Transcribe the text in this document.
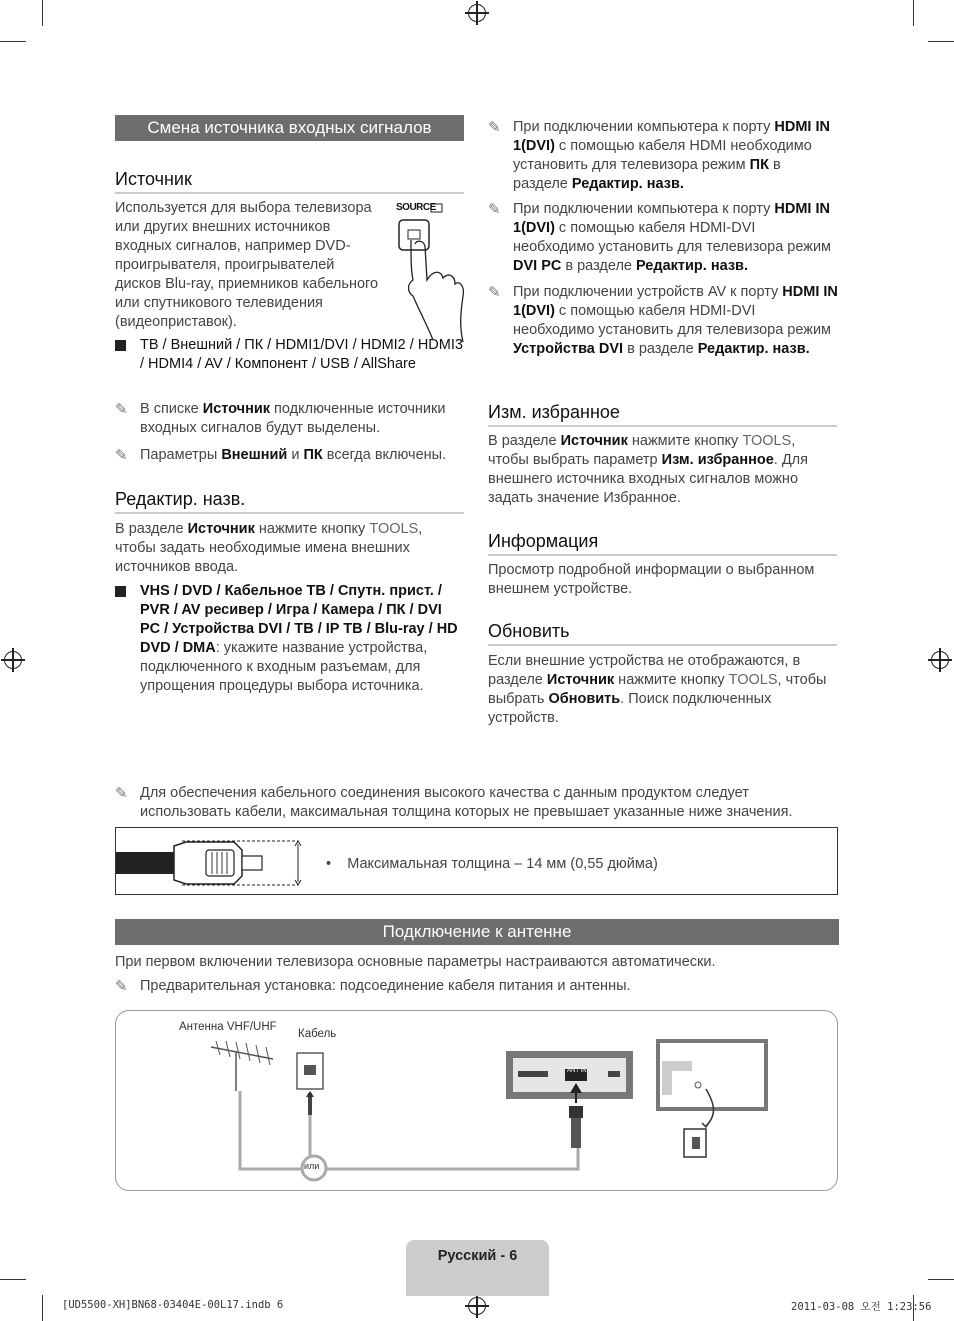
Смена источника входных сигналов
Источник
Используется для выбора телевизора или других внешних источников входных сигналов, например DVD-проигрывателя, проигрывателей дисков Blu-ray, приемников кабельного или спутникового телевидения (видеоприставок).
SOURCE
ТВ / Внешний / ПК / HDMI1/DVI / HDMI2 / HDMI3 / HDMI4 / AV / Компонент / USB / AllShare
✎ В списке Источник подключенные источники входных сигналов будут выделены.
✎ Параметры Внешний и ПК всегда включены.
Редактир. назв.
В разделе Источник нажмите кнопку TOOLS, чтобы задать необходимые имена внешних источников ввода.
VHS / DVD / Кабельное ТВ / Спутн. прист. / PVR / AV ресивер / Игра / Камера / ПК / DVI PC / Устройства DVI / ТВ / IP ТВ / Blu-ray / HD DVD / DMA: укажите название устройства, подключенного к входным разъемам, для упрощения процедуры выбора источника.
✎ При подключении компьютера к порту HDMI IN 1(DVI) с помощью кабеля HDMI необходимо установить для телевизора режим ПК в разделе Редактир. назв.
✎ При подключении компьютера к порту HDMI IN 1(DVI) с помощью кабеля HDMI-DVI необходимо установить для телевизора режим DVI PC в разделе Редактир. назв.
✎ При подключении устройств AV к порту HDMI IN 1(DVI) с помощью кабеля HDMI-DVI необходимо установить для телевизора режим Устройства DVI в разделе Редактир. назв.
Изм. избранное
В разделе Источник нажмите кнопку TOOLS, чтобы выбрать параметр Изм. избранное. Для внешнего источника входных сигналов можно задать значение Избранное.
Информация
Просмотр подробной информации о выбранном внешнем устройстве.
Обновить
Если внешние устройства не отображаются, в разделе Источник нажмите кнопку TOOLS, чтобы выбрать Обновить. Поиск подключенных устройств.
✎ Для обеспечения кабельного соединения высокого качества с данным продуктом следует использовать кабели, максимальная толщина которых не превышает указанные ниже значения.
• Максимальная толщина – 14 мм (0,55 дюйма)
Подключение к антенне
При первом включении телевизора основные параметры настраиваются автоматически.
✎ Предварительная установка: подсоединение кабеля питания и антенны.
Антенна VHF/UHF
Кабель
или
ANT IN
Русский - 6
[UD5500-XH]BN68-03404E-00L17.indb 6	2011-03-08 오전 1:23:56
